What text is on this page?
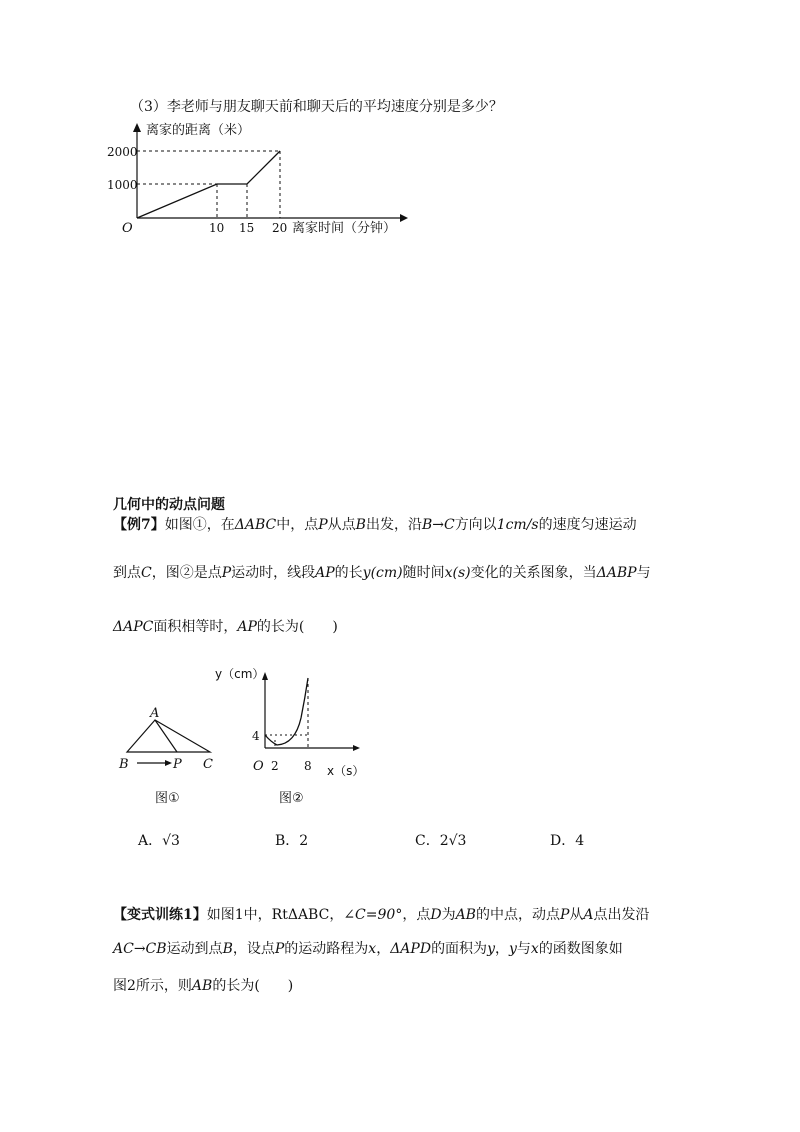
（3）李老师与朋友聊天前和聊天后的平均速度分别是多少？
离家的距离（米）
离家时间（分钟）
O
2000
1000
10 15 20
几何中的动点问题
【例7】如图①，在ΔABC中，点P从点B出发，沿B→C方向以1cm/s的速度匀速运动
到点C，图②是点P运动时，线段AP的长y(cm)随时间x(s)变化的关系图象，当ΔABP与
ΔAPC面积相等时，AP的长为(　　)
A
B	P C
图①
y（cm）
x（s）
O
4
2 8
图②
A．√3	B．2	C．2√3	D．4
【变式训练1】如图1中，RtΔABC，∠C=90°，点D为AB的中点，动点P从A点出发沿
AC→CB运动到点B，设点P的运动路程为x，ΔAPD的面积为y，y与x的函数图象如
图2所示，则AB的长为(　　)
